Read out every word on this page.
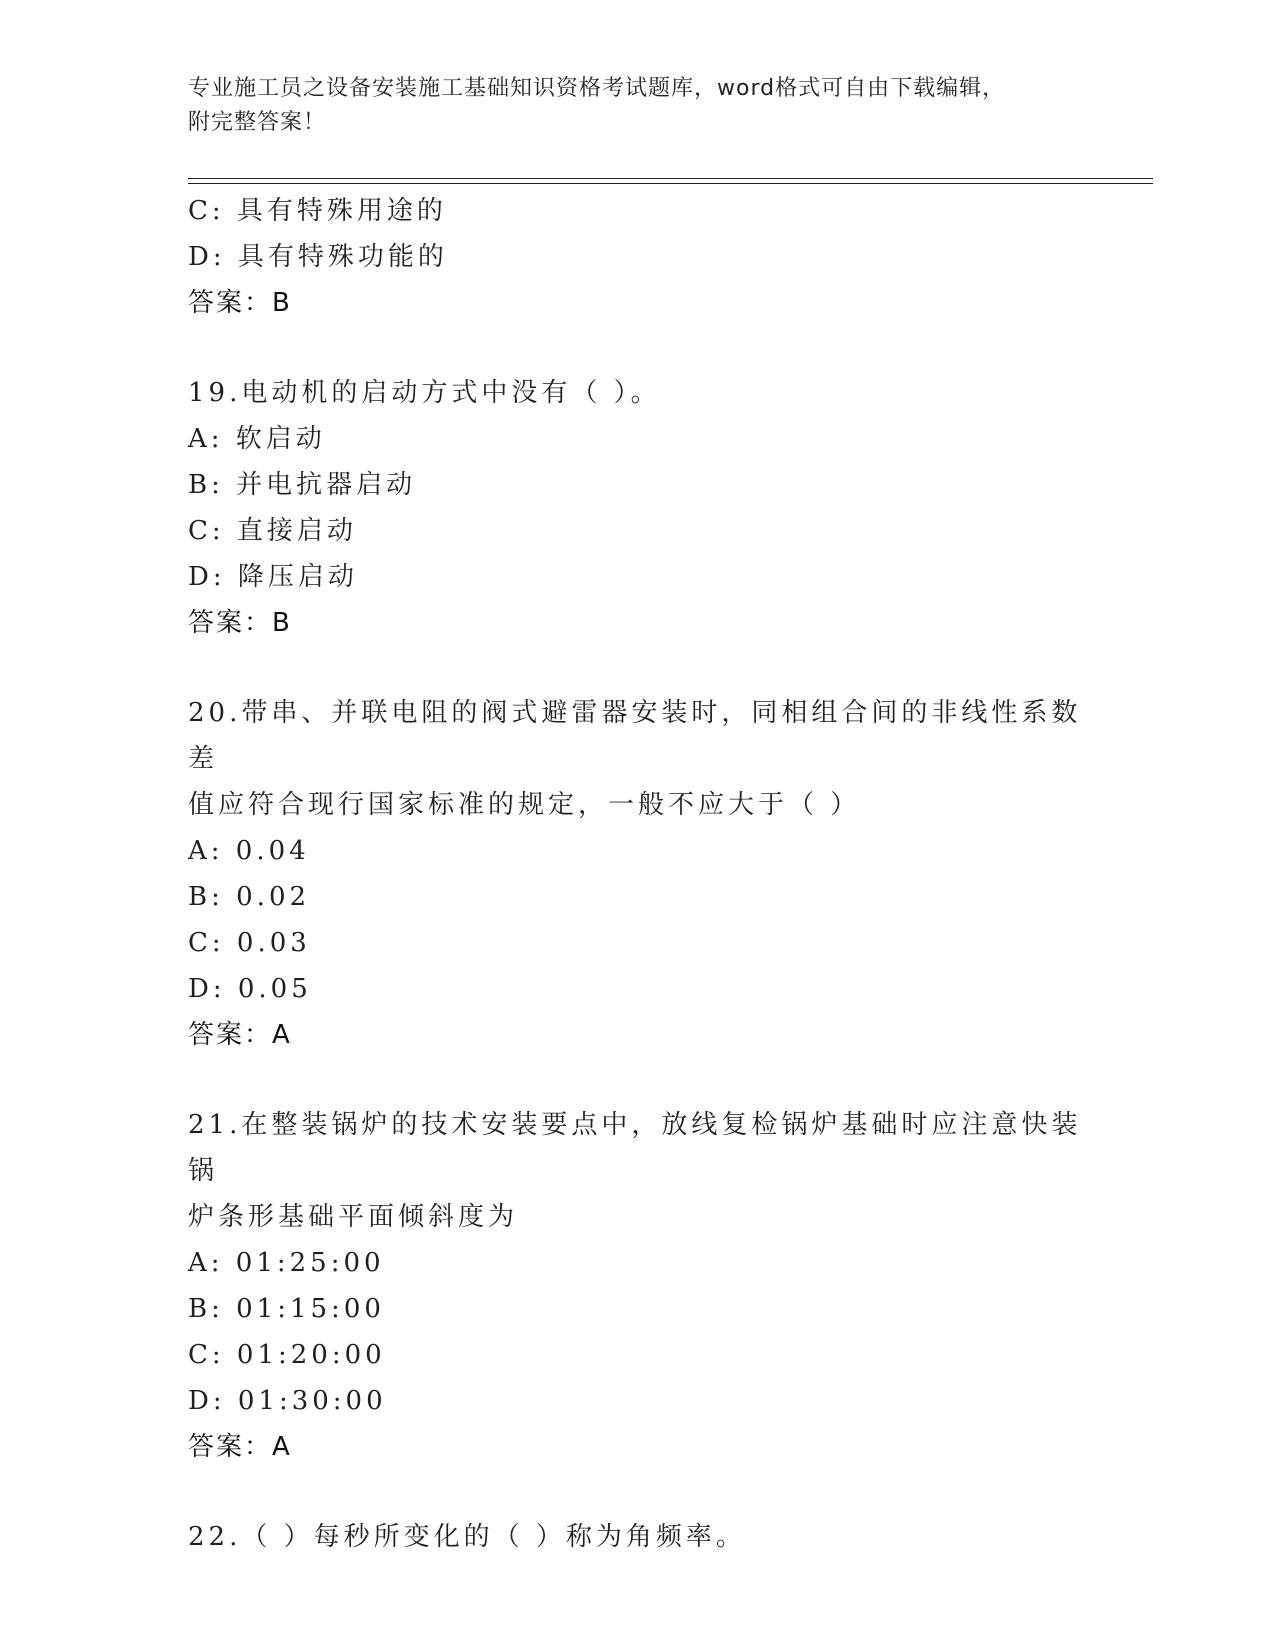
专业施工员之设备安装施工基础知识资格考试题库，word格式可自由下载编辑，
附完整答案！
C: 具有特殊用途的
D: 具有特殊功能的
答案：B
19.电动机的启动方式中没有（ ）。
A: 软启动
B: 并电抗器启动
C: 直接启动
D: 降压启动
答案：B
20.带串、并联电阻的阀式避雷器安装时，同相组合间的非线性系数差
值应符合现行国家标准的规定，一般不应大于（ ）
A: 0.04
B: 0.02
C: 0.03
D: 0.05
答案：A
21.在整装锅炉的技术安装要点中，放线复检锅炉基础时应注意快装锅
炉条形基础平面倾斜度为
A: 01:25:00
B: 01:15:00
C: 01:20:00
D: 01:30:00
答案：A
22.（ ）每秒所变化的（ ）称为角频率。
